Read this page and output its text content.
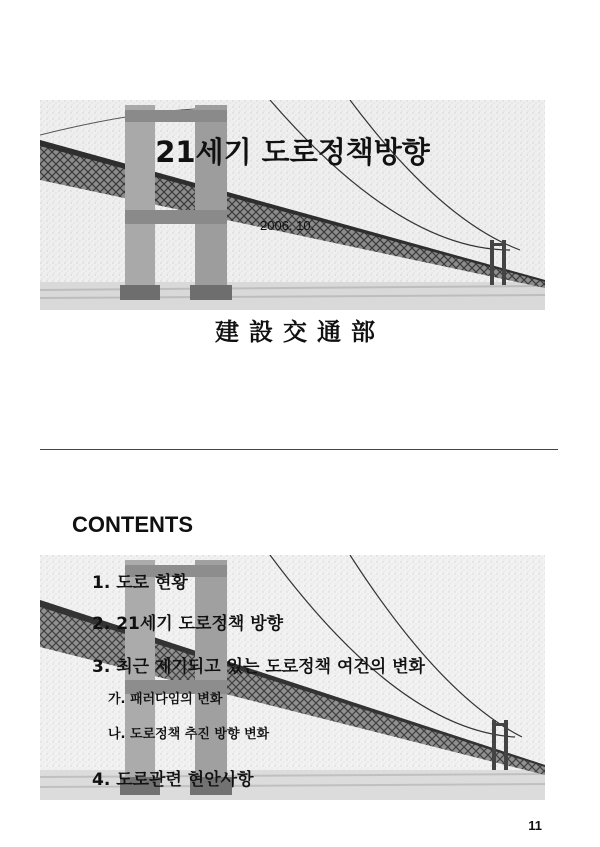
21세기 도로정책방향
2006. 10.
建設交通部
CONTENTS
1. 도로 현황
2. 21세기 도로정책 방향
3. 최근 제기되고 있는 도로정책 여건의 변화
가. 패러다임의 변화
나. 도로정책 추진 방향 변화
4. 도로관련 현안사항
11
